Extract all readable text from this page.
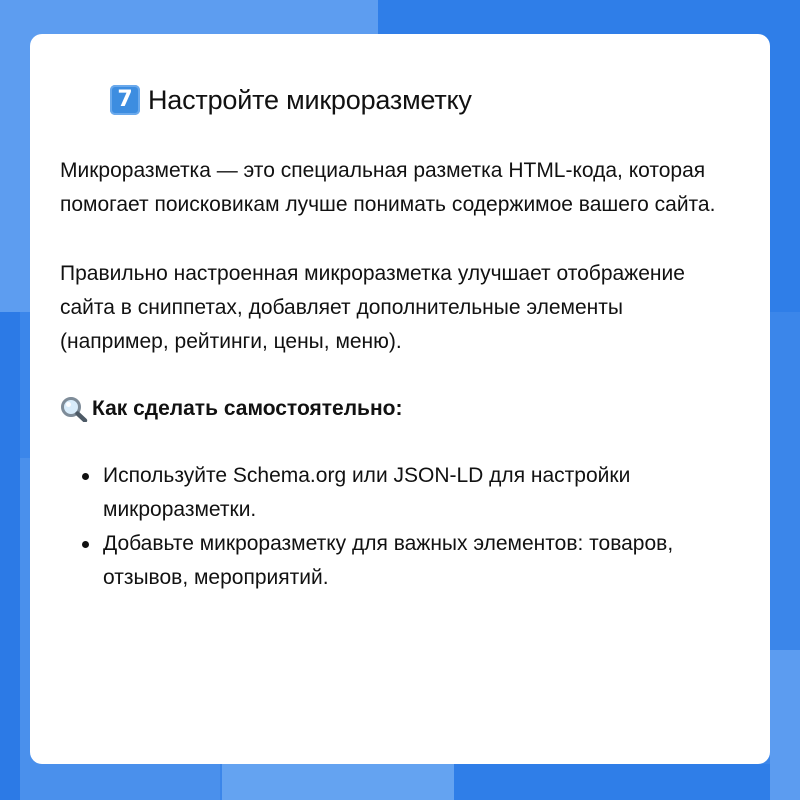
7 Настройте микроразметку

Микроразметка — это специальная разметка HTML-кода, которая помогает поисковикам лучше понимать содержимое вашего сайта.

Правильно настроенная микроразметка улучшает отображение сайта в сниппетах, добавляет дополнительные элементы (например, рейтинги, цены, меню).

Как сделать самостоятельно:
Используйте Schema.org или JSON-LD для настройки микроразметки.
Добавьте микроразметку для важных элементов: товаров, отзывов, мероприятий.
